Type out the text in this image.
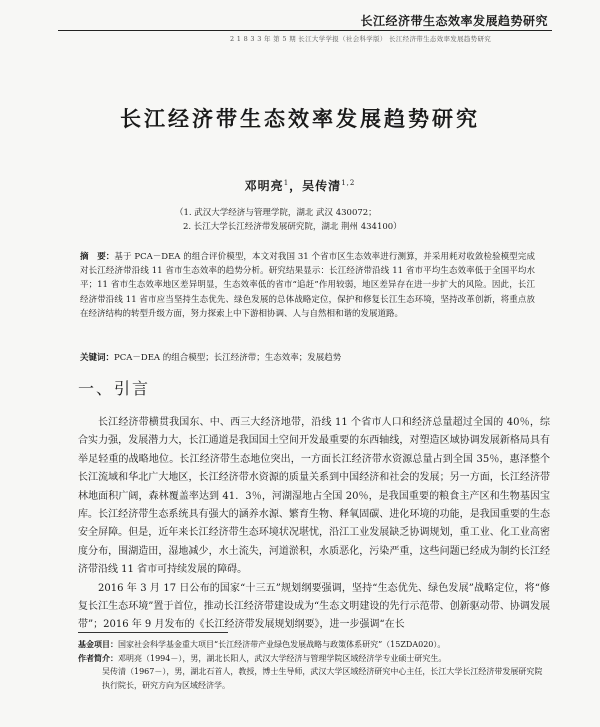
长江经济带生态效率发展趋势研究
2 1 8 3 3 年 第 5 期 长江大学学报（社会科学版） 长江经济带生态效率发展趋势研究
长江经济带生态效率发展趋势研究
邓明亮$^1$，吴传清$^{1,2}$
（1. 武汉大学经济与管理学院，湖北 武汉 430072；
2. 长江大学长江经济带发展研究院，湖北 荆州 434100）
摘　要：基于 PCA－DEA 的组合评价模型，本文对我国 31 个省市区生态效率进行测算，并采用耗对收敛检验模型完成对长江经济带沿线 11 省市生态效率的趋势分析。研究结果显示：长江经济带沿线 11 省市平均生态效率低于全国平均水平；11 省市生态效率地区差异明显，生态效率低的省市“追赶”作用较弱，地区差异存在进一步扩大的风险。因此，长江经济带沿线 11 省市应当坚持生态优先、绿色发展的总体战略定位，保护和修复长江生态环境，坚持改革创新，将重点放在经济结构的转型升级方面，努力探索上中下游相协调、人与自然相和谐的发展道路。
关键词：PCA－DEA 的组合模型；长江经济带；生态效率；发展趋势
一、引言

长江经济带横贯我国东、中、西三大经济地带，沿线 11 个省市人口和经济总量超过全国的 40％，综合实力强，发展潜力大，长江通道是我国国土空间开发最重要的东西轴线，对塑造区域协调发展新格局具有举足轻重的战略地位。长江经济带生态地位突出，一方面长江经济带水资源总量占到全国 35％，惠泽整个长江流域和华北广大地区，长江经济带水资源的质量关系到中国经济和社会的发展；另一方面，长江经济带林地面积广阔，森林覆盖率达到 41．3％，河湖湿地占全国 20％，是我国重要的粮食主产区和生物基因宝库。长江经济带生态系统具有强大的涵养水源、繁育生物、释氧固碳、进化环境的功能，是我国重要的生态安全屏障。但是，近年来长江经济带生态环境状况堪忧，沿江工业发展缺乏协调规划，重工业、化工业高密度分布，围湖造田，湿地减少，水土流失，河道淤积，水质恶化，污染严重，这些问题已经成为制约长江经济带沿线 11 省市可持续发展的障碍。

2016 年 3 月 17 日公布的国家“十三五”规划纲要强调，坚持“生态优先、绿色发展”战略定位，将“修复长江生态环境”置于首位，推动长江经济带建设成为“生态文明建设的先行示范带、创新驱动带、协调发展带”；2016 年 9 月发布的《长江经济带发展规划纲要》，进一步强调“在长

基金项目：国家社会科学基金重大项目“长江经济带产业绿色发展战略与政策体系研究”（15ZDA020）。
作者简介：邓明亮（1994－），男，湖北长阳人，武汉大学经济与管理学院区域经济学专业硕士研究生。
吴传清（1967－），男，湖北石首人，教授，博士生导师，武汉大学区域经济研究中心主任，长江大学长江经济带发展研究院执行院长，研究方向为区域经济学。
